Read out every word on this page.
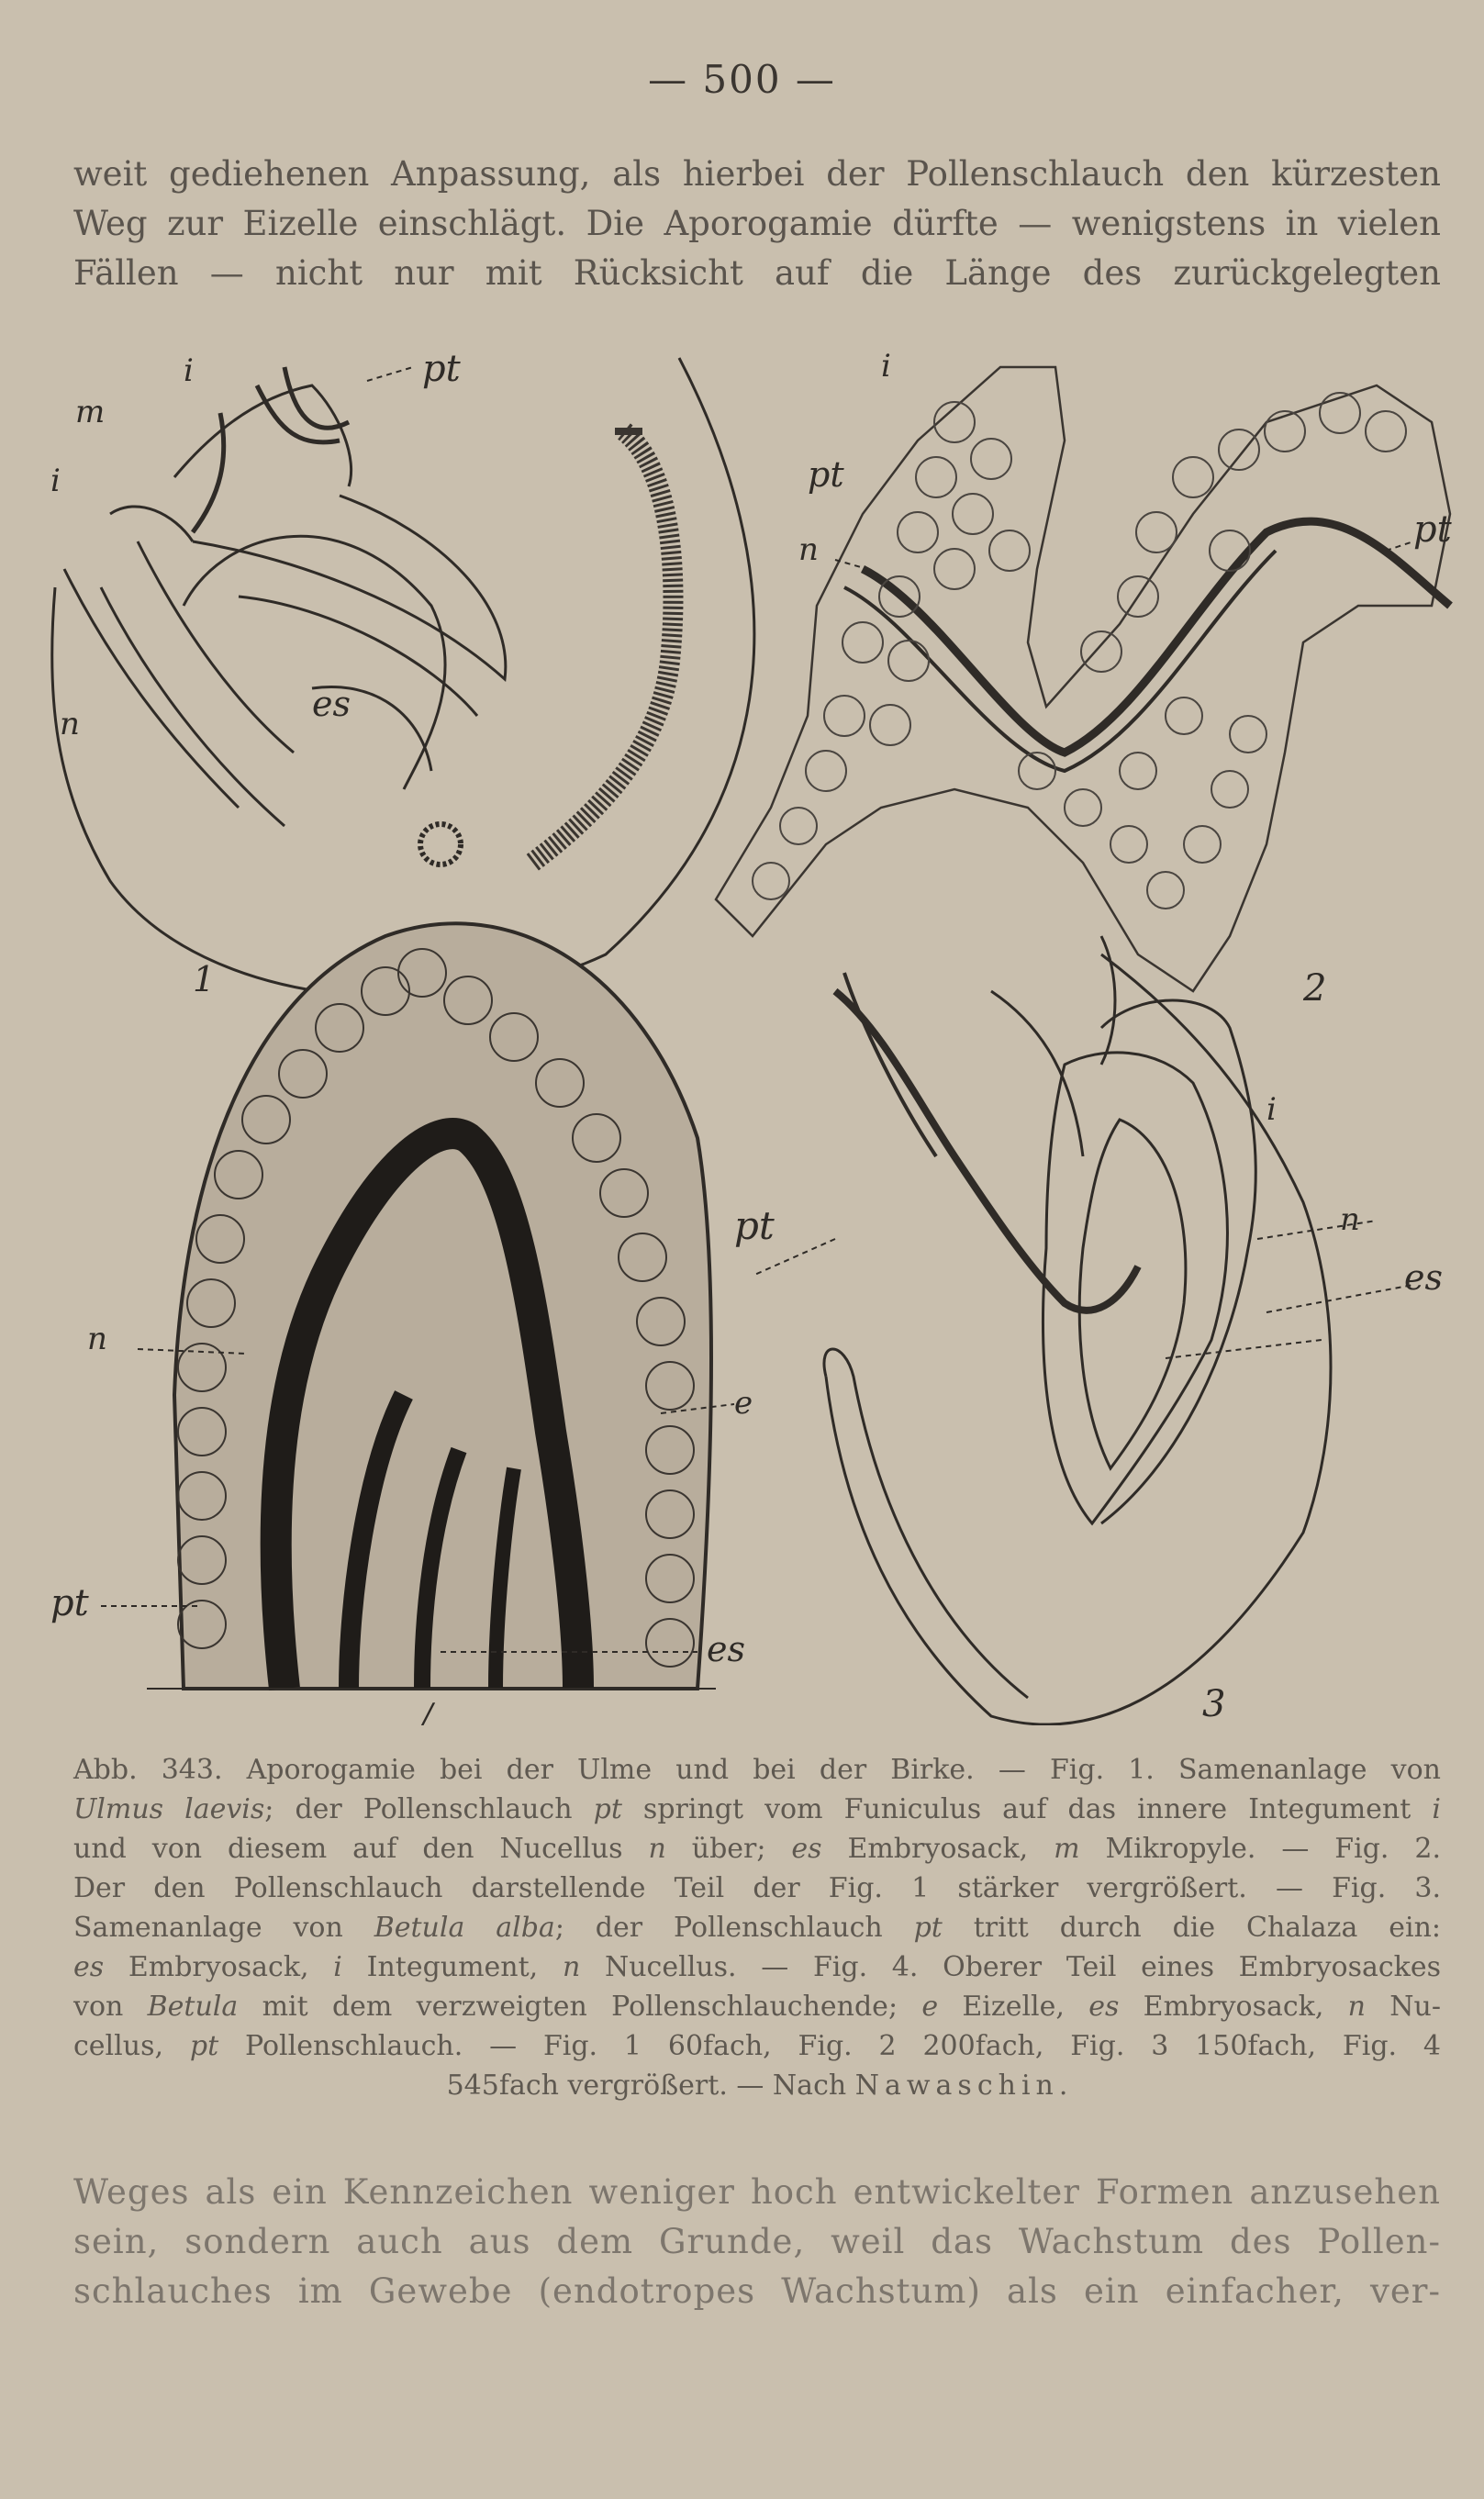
— 500 —
weit gediehenen Anpassung, als hierbei der Pollenschlauch den kürzesten
Weg zur Eizelle einschlägt. Die Aporogamie dürfte — wenigstens in vielen
Fällen — nicht nur mit Rücksicht auf die Länge des zurückgelegten
i
m
i
n
pt
es
1
i
pt
n	pt
2
pt
i
n
es
3
n
e
pt
es
/
Abb. 343. Aporogamie bei der Ulme und bei der Birke. — Fig. 1. Samenanlage von
Ulmus laevis; der Pollenschlauch pt springt vom Funiculus auf das innere Integument i
und von diesem auf den Nucellus n über; es Embryosack, m Mikropyle. — Fig. 2.
Der den Pollenschlauch darstellende Teil der Fig. 1 stärker vergrößert. — Fig. 3.
Samenanlage von Betula alba; der Pollenschlauch pt tritt durch die Chalaza ein:
es Embryosack, i Integument, n Nucellus. — Fig. 4. Oberer Teil eines Embryosackes
von Betula mit dem verzweigten Pollenschlauchende; e Eizelle, es Embryosack, n Nu-
cellus, pt Pollenschlauch. — Fig. 1 60fach, Fig. 2 200fach, Fig. 3 150fach, Fig. 4
545fach vergrößert. — Nach Nawaschin.
Weges als ein Kennzeichen weniger hoch entwickelter Formen anzusehen
sein, sondern auch aus dem Grunde, weil das Wachstum des Pollen-
schlauches im Gewebe (endotropes Wachstum) als ein einfacher, ver-
